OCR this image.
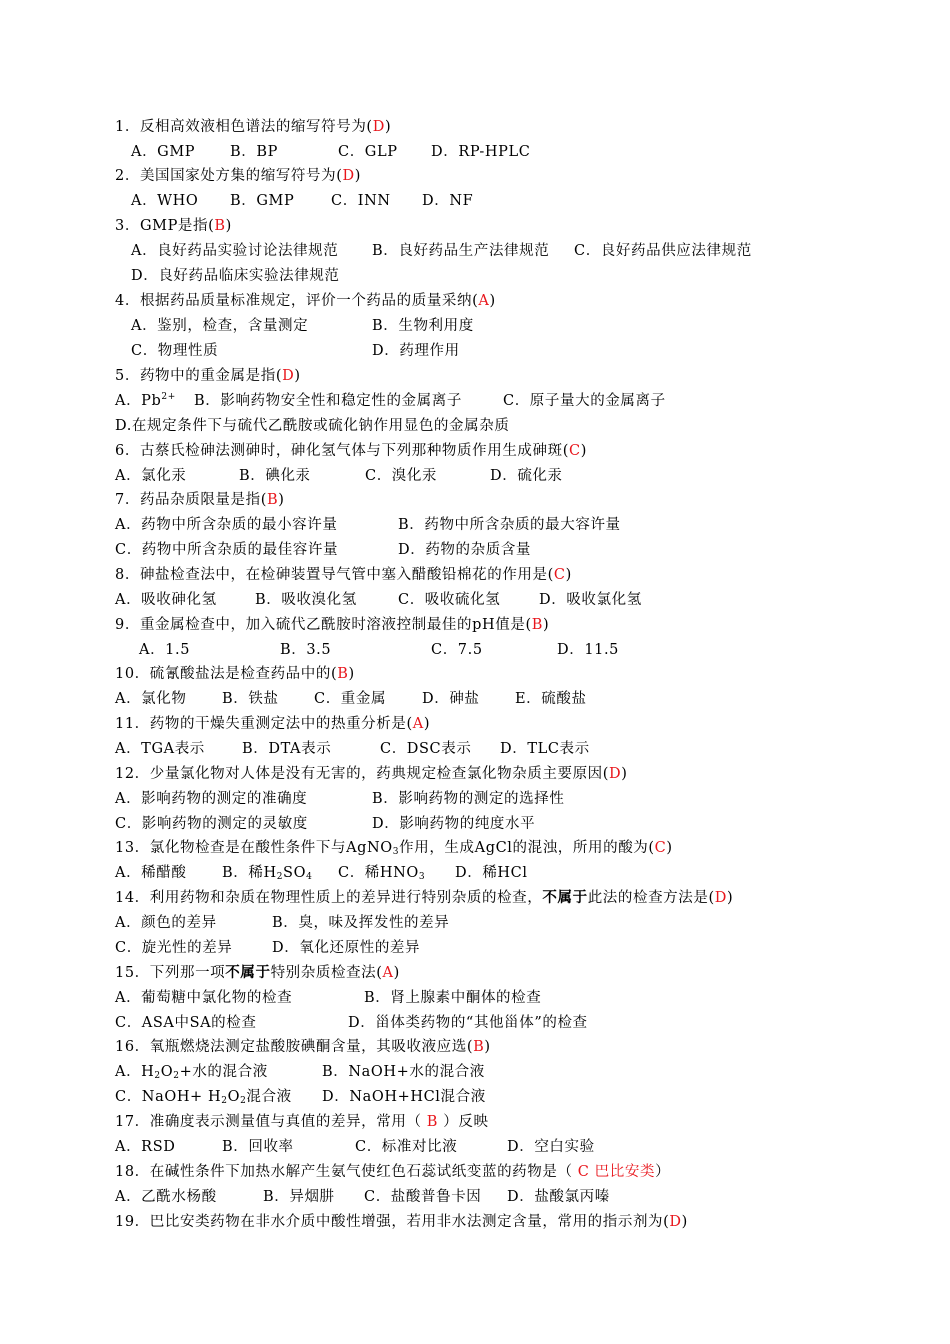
1．反相高效液相色谱法的缩写符号为(D)
A．GMP B．BP	C．GLP D．RP-HPLC
2．美国国家处方集的缩写符号为(D)
A．WHO B．GMP	C．INN D．NF
3．GMP是指(B)
A．良好药品实验讨论法律规范 B．良好药品生产法律规范 C．良好药品供应法律规范
D．良好药品临床实验法律规范
4．根据药品质量标准规定，评价一个药品的质量采纳(A)
A．鉴别，检查，含量测定	B．生物利用度
C．物理性质	D．药理作用
5．药物中的重金属是指(D)
A．$Pb^{2+}$ B．影响药物安全性和稳定性的金属离子	C．原子量大的金属离子
D.在规定条件下与硫代乙酰胺或硫化钠作用显色的金属杂质
6．古蔡氏检砷法测砷时，砷化氢气体与下列那种物质作用生成砷斑(C)
A．氯化汞	B．碘化汞	C．溴化汞	D．硫化汞
7．药品杂质限量是指(B)
A．药物中所含杂质的最小容许量	B．药物中所含杂质的最大容许量
C．药物中所含杂质的最佳容许量	D．药物的杂质含量
8．砷盐检查法中，在检砷装置导气管中塞入醋酸铅棉花的作用是(C)
A．吸收砷化氢	B．吸收溴化氢	C．吸收硫化氢	D．吸收氯化氢
9．重金属检查中，加入硫代乙酰胺时溶液控制最佳的pH值是(B)
A．1.5	B．3.5	C．7.5	D．11.5
10．硫氰酸盐法是检查药品中的(B)
A．氯化物 B．铁盐 C．重金属 D．砷盐 E．硫酸盐
11．药物的干燥失重测定法中的热重分析是(A)
A．TGA表示	B．DTA表示	C．DSC表示 D．TLC表示
12．少量氯化物对人体是没有无害的，药典规定检查氯化物杂质主要原因(D)
A．影响药物的测定的准确度	B．影响药物的测定的选择性
C．影响药物的测定的灵敏度	D．影响药物的纯度水平
13．氯化物检查是在酸性条件下与AgNO$_3$作用，生成AgCl的混浊，所用的酸为(C)
A．稀醋酸 B．稀$H_2SO_4$ C．稀$HNO_3$ D．稀HCl
14．利用药物和杂质在物理性质上的差异进行特别杂质的检查，不属于此法的检查方法是(D)
A．颜色的差异	B．臭，味及挥发性的差异
C．旋光性的差异	D．氧化还原性的差异
15．下列那一项不属于特别杂质检查法(A)
A．葡萄糖中氯化物的检查	B．肾上腺素中酮体的检查
C．ASA中SA的检查	D．甾体类药物的“其他甾体”的检查
16．氧瓶燃烧法测定盐酸胺碘酮含量，其吸收液应选(B)
A．$H_2O_2+$水的混合液	B．NaOH+水的混合液
C．NaOH+ $H_2O_2$混合液 D．NaOH+HCl混合液
17．准确度表示测量值与真值的差异，常用（ B ）反映
A．RSD	B．回收率	C．标准对比液	D．空白实验
18．在碱性条件下加热水解产生氨气使红色石蕊试纸变蓝的药物是（ C 巴比安类）
A．乙酰水杨酸	B．异烟肼 C．盐酸普鲁卡因 D．盐酸氯丙嗪
19．巴比安类药物在非水介质中酸性增强，若用非水法测定含量，常用的指示剂为(D)
